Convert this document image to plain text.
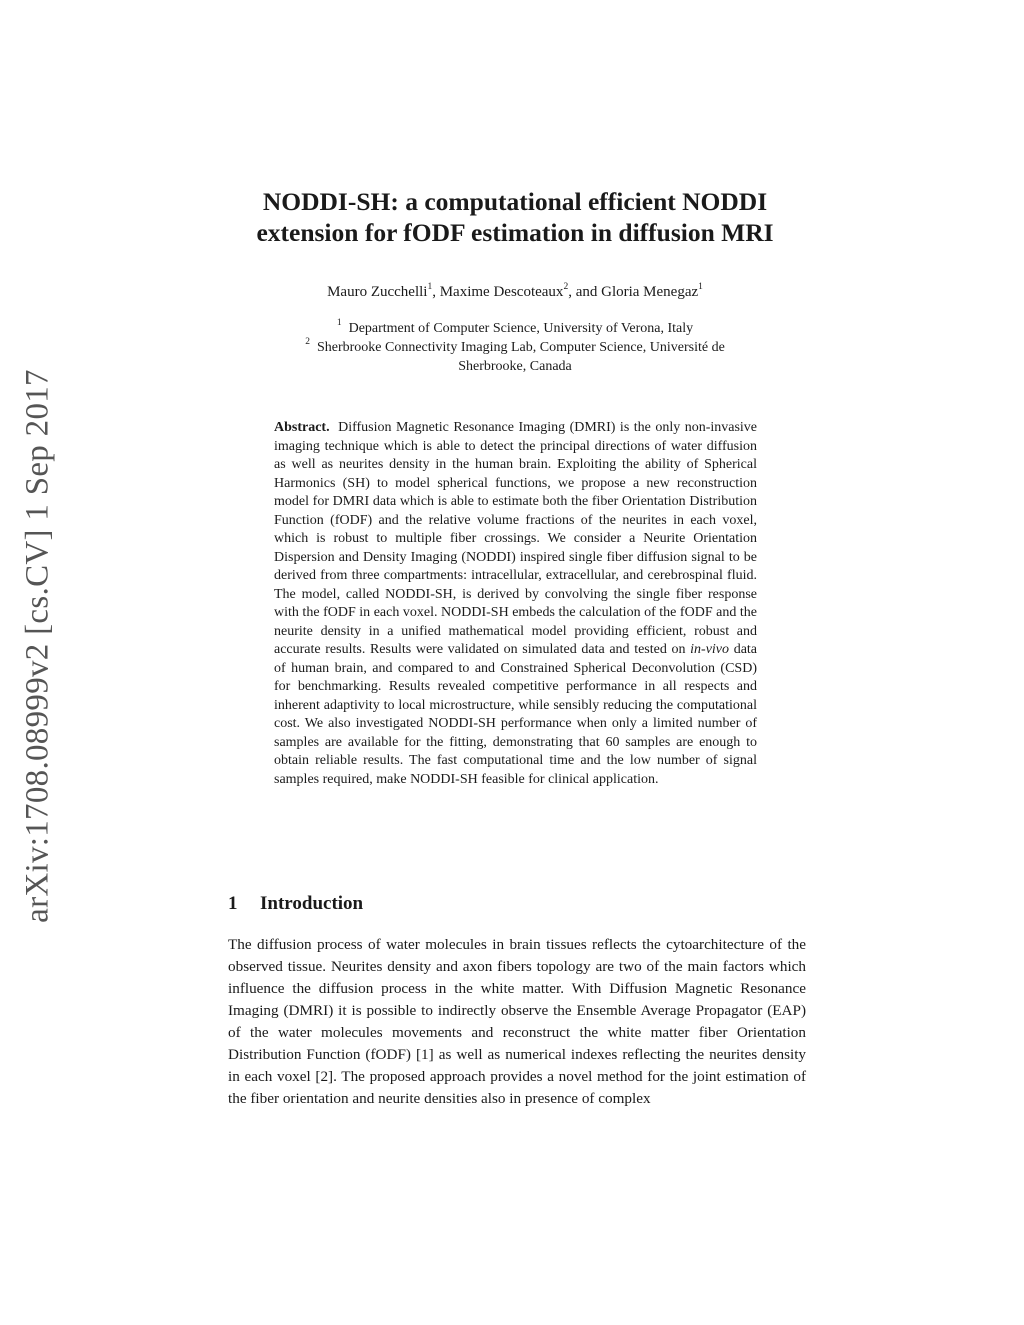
arXiv:1708.08999v2 [cs.CV] 1 Sep 2017
NODDI-SH: a computational efficient NODDI
extension for fODF estimation in diffusion MRI
Mauro Zucchelli$^1$, Maxime Descoteaux$^2$, and Gloria Menegaz$^1$
$^1$ Department of Computer Science, University of Verona, Italy
$^2$ Sherbrooke Connectivity Imaging Lab, Computer Science, Université de
Sherbrooke, Canada
Abstract. Diffusion Magnetic Resonance Imaging (DMRI) is the only non-invasive imaging technique which is able to detect the principal directions of water diffusion as well as neurites density in the human brain. Exploiting the ability of Spherical Harmonics (SH) to model spherical functions, we propose a new reconstruction model for DMRI data which is able to estimate both the fiber Orientation Distribution Function (fODF) and the relative volume fractions of the neurites in each voxel, which is robust to multiple fiber crossings. We consider a Neurite Orientation Dispersion and Density Imaging (NODDI) inspired single fiber diffusion signal to be derived from three compartments: intracellular, extracellular, and cerebrospinal fluid. The model, called NODDI-SH, is derived by convolving the single fiber response with the fODF in each voxel. NODDI-SH embeds the calculation of the fODF and the neurite density in a unified mathematical model providing efficient, robust and accurate results. Results were validated on simulated data and tested on in-vivo data of human brain, and compared to and Constrained Spherical Deconvolution (CSD) for benchmarking. Results revealed competitive performance in all respects and inherent adaptivity to local microstructure, while sensibly reducing the computational cost. We also investigated NODDI-SH performance when only a limited number of samples are available for the fitting, demonstrating that 60 samples are enough to obtain reliable results. The fast computational time and the low number of signal samples required, make NODDI-SH feasible for clinical application.
1 Introduction
The diffusion process of water molecules in brain tissues reflects the cytoarchitecture of the observed tissue. Neurites density and axon fibers topology are two of the main factors which influence the diffusion process in the white matter. With Diffusion Magnetic Resonance Imaging (DMRI) it is possible to indirectly observe the Ensemble Average Propagator (EAP) of the water molecules movements and reconstruct the white matter fiber Orientation Distribution Function (fODF) [1] as well as numerical indexes reflecting the neurites density in each voxel [2]. The proposed approach provides a novel method for the joint estimation of the fiber orientation and neurite densities also in presence of complex
